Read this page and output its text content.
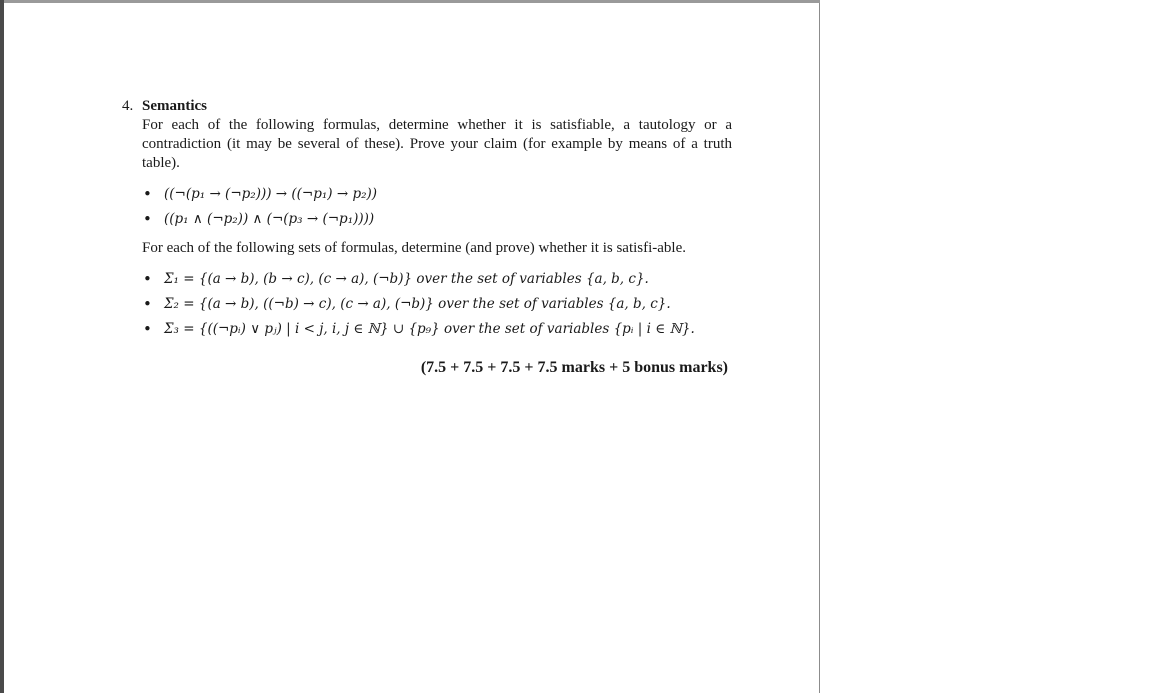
4. Semantics

For each of the following formulas, determine whether it is satisfiable, a tautology or a contradiction (it may be several of these). Prove your claim (for example by means of a truth table).

• ((¬(p₁ → (¬p₂))) → ((¬p₁) → p₂))
• ((p₁ ∧ (¬p₂)) ∧ (¬(p₃ → (¬p₁))))

For each of the following sets of formulas, determine (and prove) whether it is satisfi-able.

• Σ₁ = {(a → b), (b → c), (c → a), (¬b)} over the set of variables {a, b, c}.
• Σ₂ = {(a → b), ((¬b) → c), (c → a), (¬b)} over the set of variables {a, b, c}.
• Σ₃ = {((¬pᵢ) ∨ pⱼ) | i < j, i, j ∈ ℕ} ∪ {p₉} over the set of variables {pᵢ | i ∈ ℕ}.

(7.5 + 7.5 + 7.5 + 7.5 marks + 5 bonus marks)
